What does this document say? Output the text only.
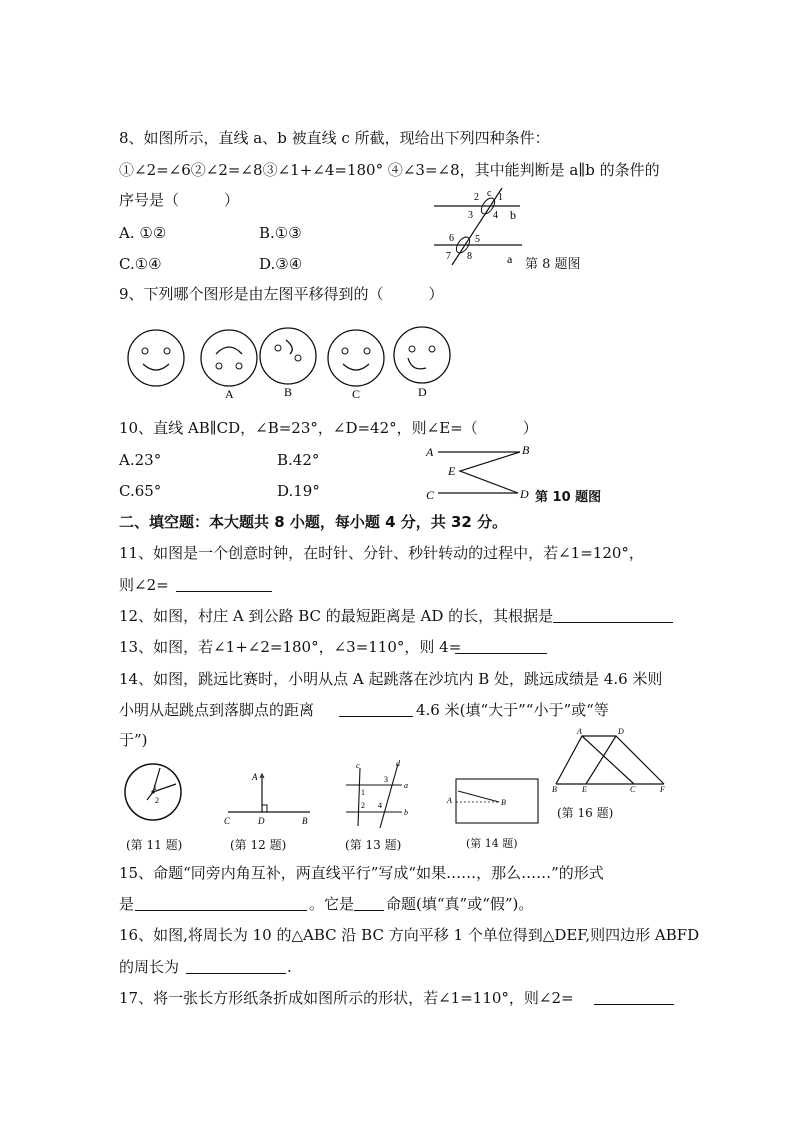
8、如图所示，直线 a、b 被直线 c 所截，现给出下列四种条件：
①∠2=∠6②∠2=∠8③∠1+∠4=180° ④∠3=∠8，其中能判断是 a∥b 的条件的
序号是（　　　）
A. ①②	B.①③
C.①④	D.③④
2 c 1
3 4 b
6 5
7 8	a 第 8 题图
9、下列哪个图形是由左图平移得到的（　　　）
A	B	C	D
10、直线 AB∥CD，∠B=23°，∠D=42°，则∠E=（　　　）
A.23°	B.42°
C.65°	D.19°
A	B
E
C	D 第 10 题图
二、填空题：本大题共 8 小题，每小题 4 分，共 32 分。
11、如图是一个创意时钟，在时针、分针、秒针转动的过程中，若∠1=120°，
则∠2=
12、如图，村庄 A 到公路 BC 的最短距离是 AD 的长，其根据是
13、如图，若∠1+∠2=180°，∠3=110°，则 4=
14、如图，跳远比赛时，小明从点 A 起跳落在沙坑内 B 处，跳远成绩是 4.6 米则
小明从起跳点到落脚点的距离	4.6 米(填“大于”“小于”或“等
于”)
1
2
(第 11 题)
A
C	D	B
(第 12 题)
c	d
3
1
2 4
a
b
(第 13 题)
A	B
(第 14 题)
A	D
B	E	C	F
(第 16 题)
15、命题“同旁内角互补，两直线平行”写成“如果……，那么……”的形式
是	。它是 命题(填“真”或“假”)。
16、如图,将周长为 10 的△ABC 沿 BC 方向平移 1 个单位得到△DEF,则四边形 ABFD
的周长为	.
17、将一张长方形纸条折成如图所示的形状，若∠1=110°，则∠2=
